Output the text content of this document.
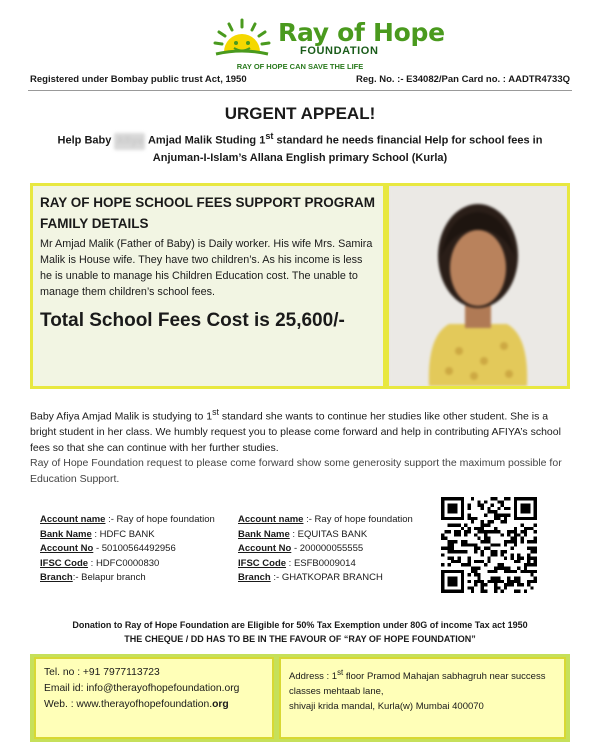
Ray of Hope
FOUNDATION
RAY OF HOPE CAN SAVE THE LIFE
Registered under Bombay public trust Act, 1950	Reg. No. :- E34082/Pan Card no. : AADTR4733Q
URGENT APPEAL!
Help Baby Afiya Amjad Malik Studing 1st standard he needs financial Help for school fees in
Anjuman-I-Islam’s Allana English primary School (Kurla)
RAY OF HOPE SCHOOL FEES SUPPORT PROGRAM
FAMILY DETAILS
Mr Amjad Malik (Father of Baby) is Daily worker. His wife Mrs. Samira Malik is House wife. They have two children’s. As his income is less he is unable to manage his Children Education cost. The unable to manage them children’s school fees.
Total School Fees Cost is 25,600/-

Baby Afiya Amjad Malik is studying to 1st standard she wants to continue her studies like other student. She is a bright student in her class. We humbly request you to please come forward and help in contributing AFIYA’s school fees so that she can continue with her further studies.

Ray of Hope Foundation request to please come forward show some generosity support the maximum possible for Education Support.

Account name :- Ray of hope foundation
Bank Name : HDFC BANK
Account No - 50100564492956
IFSC Code : HDFC0000830
Branch:- Belapur branch
Account name :- Ray of hope foundation
Bank Name : EQUITAS BANK
Account No - 200000055555
IFSC Code : ESFB0009014
Branch :- GHATKOPAR BRANCH
Donation to Ray of Hope Foundation are Eligible for 50% Tax Exemption under 80G of income Tax act 1950
THE CHEQUE / DD HAS TO BE IN THE FAVOUR OF “RAY OF HOPE FOUNDATION”
Tel. no : +91 7977113723
Email id: info@therayofhopefoundation.org
Web. : www.therayofhopefoundation.org
Address : 1st floor Pramod Mahajan sabhagruh near success classes mehtaab lane,
shivaji krida mandal, Kurla(w) Mumbai 400070
